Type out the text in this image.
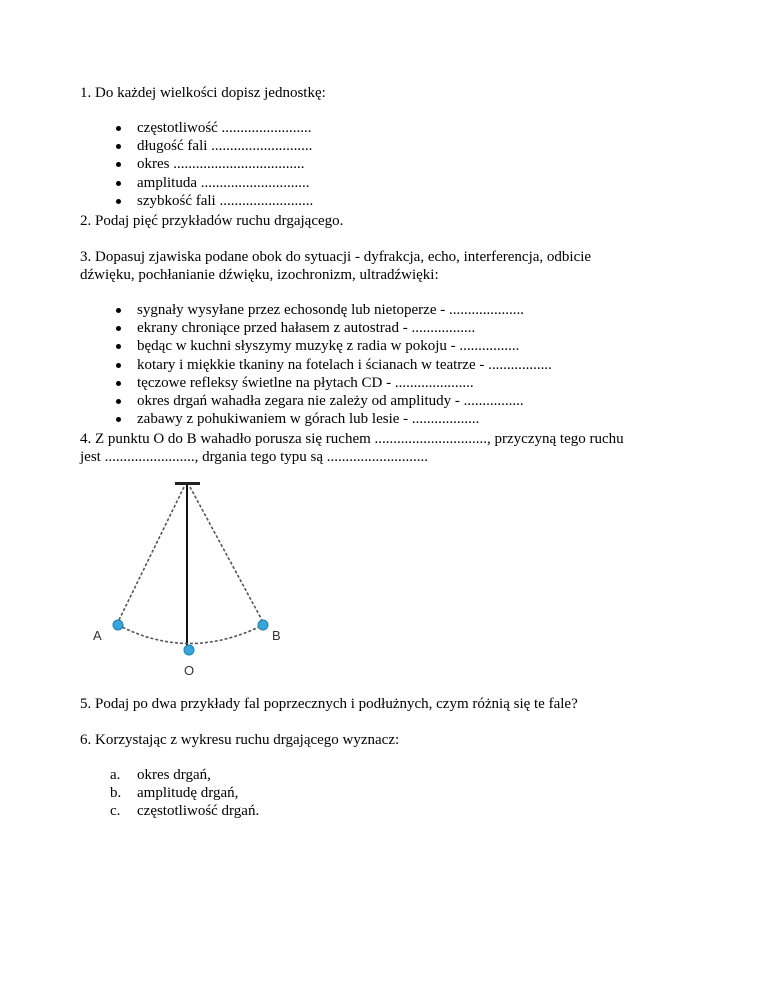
1. Do każdej wielkości dopisz jednostkę:

częstotliwość ........................
długość fali ...........................
okres ...................................
amplituda .............................
szybkość fali .........................

2. Podaj pięć przykładów ruchu drgającego.

3. Dopasuj zjawiska podane obok do sytuacji - dyfrakcja, echo, interferencja, odbicie

dźwięku, pochłanianie dźwięku, izochronizm, ultradźwięki:

sygnały wysyłane przez echosondę lub nietoperze - ....................
ekrany chroniące przed hałasem z autostrad - .................
będąc w kuchni słyszymy muzykę z radia w pokoju - ................
kotary i miękkie tkaniny na fotelach i ścianach w teatrze - .................
tęczowe refleksy świetlne na płytach CD - .....................
okres drgań wahadła zegara nie zależy od amplitudy - ................
zabawy z pohukiwaniem w górach lub lesie - ..................

4. Z punktu O do B wahadło porusza się ruchem .............................., przyczyną tego ruchu

jest ........................, drgania tego typu są ...........................

A	B
O

5. Podaj po dwa przykłady fal poprzecznych i podłużnych, czym różnią się te fale?

6. Korzystając z wykresu ruchu drgającego wyznacz:

a. okres drgań,
b. amplitudę drgań,
c. częstotliwość drgań.
